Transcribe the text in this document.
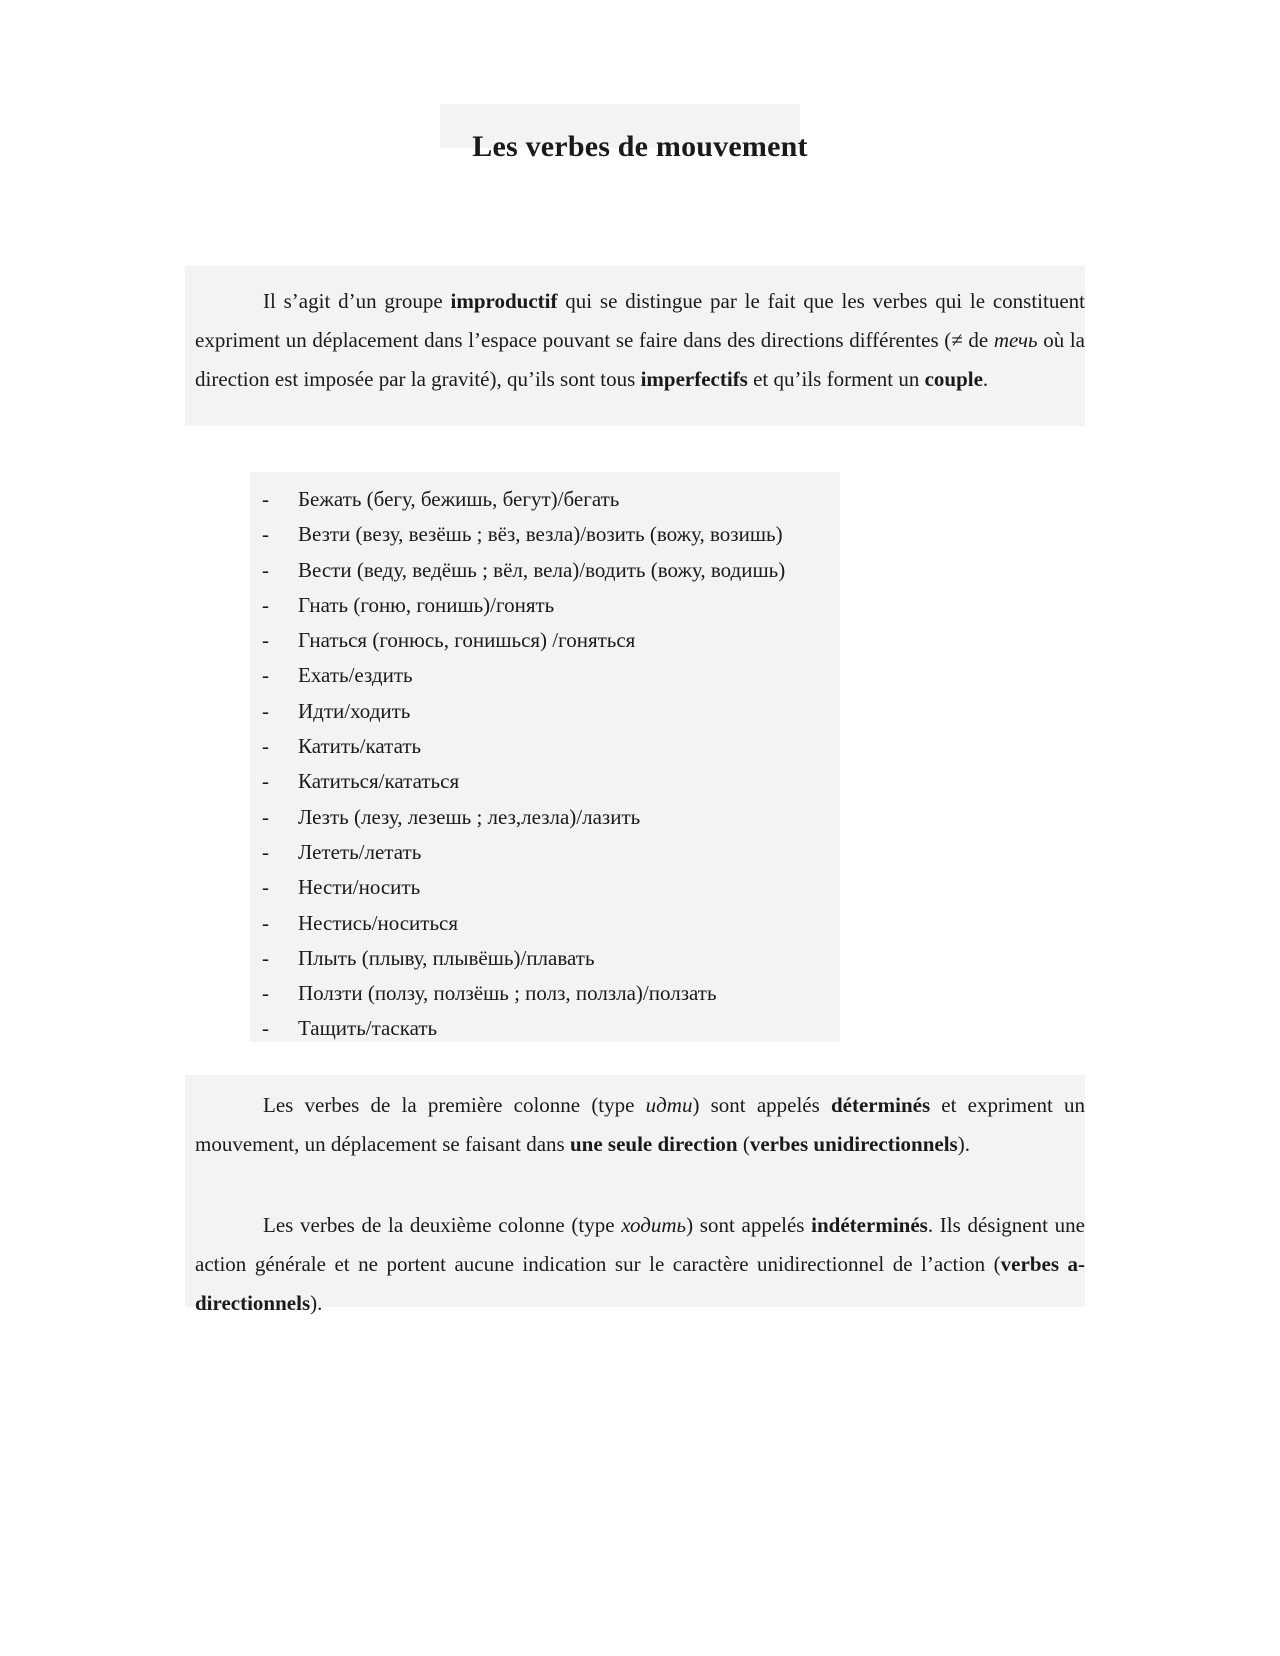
Les verbes de mouvement

Il s’agit d’un groupe improductif qui se distingue par le fait que les verbes qui le constituent expriment un déplacement dans l’espace pouvant se faire dans des directions différentes (≠ de течь où la direction est imposée par la gravité), qu’ils sont tous imperfectifs et qu’ils forment un couple.

- Бежать (бегу, бежишь, бегут)/бегать
- Везти (везу, везёшь ; вёз, везла)/возить (вожу, возишь)
- Вести (веду, ведёшь ; вёл, вела)/водить (вожу, водишь)
- Гнать (гоню, гонишь)/гонять
- Гнаться (гонюсь, гонишься) /гоняться
- Ехать/ездить
- Идти/ходить
- Катить/катать
- Катиться/кататься
- Лезть (лезу, лезешь ; лез,лезла)/лазить
- Лететь/летать
- Нести/носить
- Нестись/носиться
- Плыть (плыву, плывёшь)/плавать
- Ползти (ползу, ползёшь ; полз, ползла)/ползать
- Тащить/таскать

Les verbes de la première colonne (type идти) sont appelés déterminés et expriment un mouvement, un déplacement se faisant dans une seule direction (verbes unidirectionnels).

Les verbes de la deuxième colonne (type ходить) sont appelés indéterminés. Ils désignent une action générale et ne portent aucune indication sur le caractère unidirectionnel de l’action (verbes a-directionnels).
